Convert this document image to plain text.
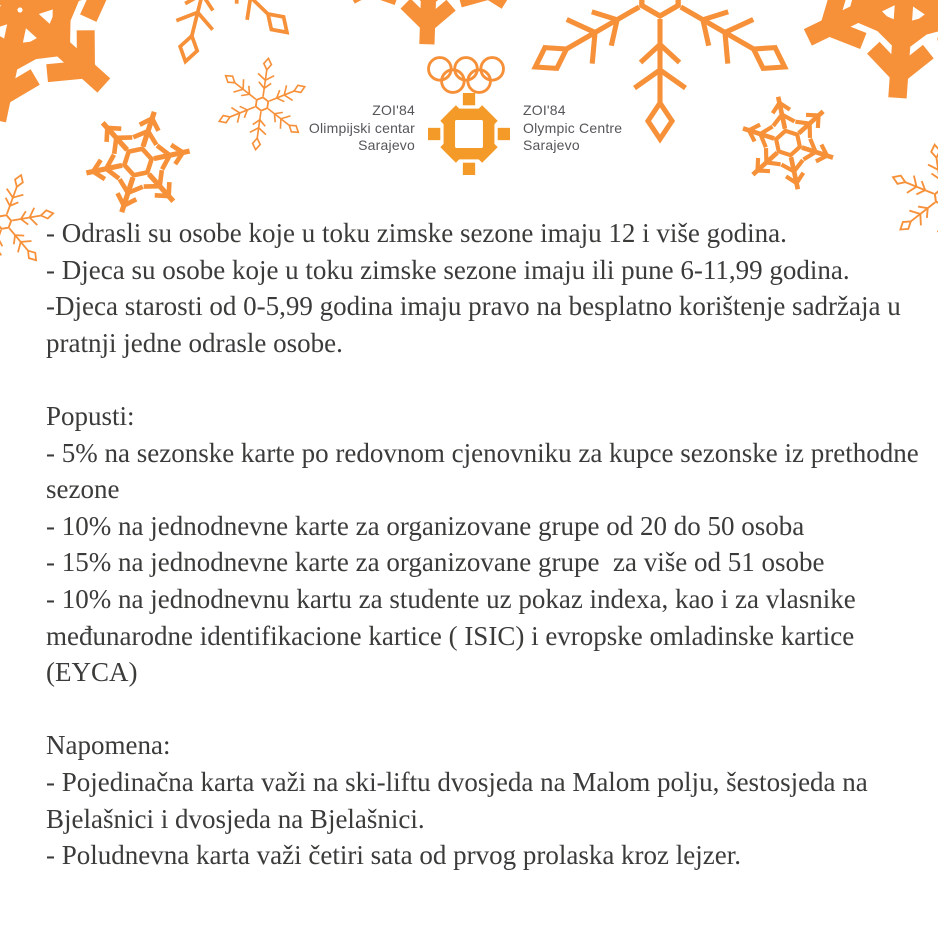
ZOI'84
Olimpijski centar
Sarajevo
ZOI'84
Olympic Centre
Sarajevo

- Odrasli su osobe koje u toku zimske sezone imaju 12 i više godina.

- Djeca su osobe koje u toku zimske sezone imaju ili pune 6-11,99 godina.

-Djeca starosti od 0-5,99 godina imaju pravo na besplatno korištenje sadržaja u pratnji jedne odrasle osobe.

Popusti:

- 5% na sezonske karte po redovnom cjenovniku za kupce sezonske iz prethodne sezone

- 10% na jednodnevne karte za organizovane grupe od 20 do 50 osoba

- 15% na jednodnevne karte za organizovane grupe  za više od 51 osobe

- 10% na jednodnevnu kartu za studente uz pokaz indexa, kao i za vlasnike međunarodne identifikacione kartice ( ISIC) i evropske omladinske kartice (EYCA)

Napomena:

- Pojedinačna karta važi na ski-liftu dvosjeda na Malom polju, šestosjeda na Bjelašnici i dvosjeda na Bjelašnici.

- Poludnevna karta važi četiri sata od prvog prolaska kroz lejzer.
